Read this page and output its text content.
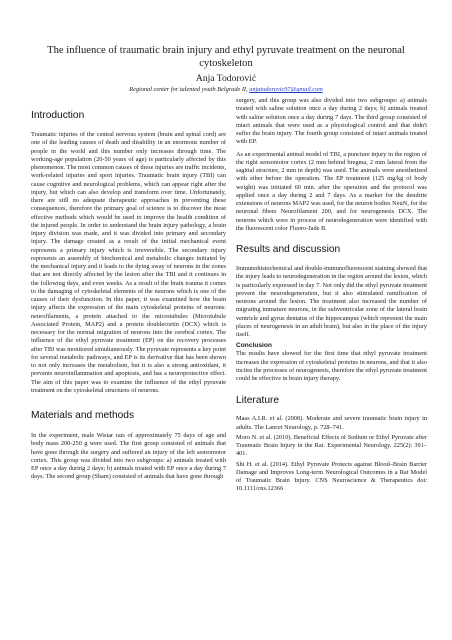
The influence of traumatic brain injury and ethyl pyruvate treatment on the neuronal cytoskeleton
Anja Todorović
Regional center for talented youth Belgrade II, anjatodorovic97@gmail.com
Introduction

Traumatic injuries of the central nervous system (brain and spinal cord) are one of the leading causes of death and disability in an enormous number of people in the world and this number only increases through time. The working-age population (20-50 years of age) is particularly affected by this phenomenon. The most common causes of these injuries are traffic incidents, work-related injuries and sport injuries. Traumatic brain injury (TBI) can cause cognitive and neurological problems, which can appear right after the injury, but which can also develop and transform over time. Unfortunately, there are still no adequate therapeutic approaches in preventing these consequences, therefore the primary goal of science is to discover the most effective methods which would be used to improve the health condition of the injured people. In order to understand the brain injury pathology, a brain injury division was made, and it was divided into primary and secondary injury. The damage created as a result of the initial mechanical event represents a primary injury which is irreversible. The secondary injury represents an assembly of biochemical and metabolic changes initiated by the mechanical injury and it leads to the dying away of neurons in the zones that are not directly affected by the lesion after the TBI and it continues in the following days, and even weeks. As a result of the brain trauma it comes to the damaging of cytoskeletal elements of the neurons which is one of the causes of their dysfunction. In this paper, it was examined how the brain injury affects the expression of the main cytoskeletal proteins of neurons: neurofilaments, a protein attached to the microtubules (Microtubule Associated Protein, MAP2) and a protein doublecortin (DCX) which is necessary for the normal migration of neurons into the cerebral cortex. The influence of the ethyl pyruvate treatment (EP) on the recovery processes after TBI was monitored simultaneously. The pyruvate represents a key point for several metabolic pathways, and EP is its derivative that has been shown to not only increases the metabolism, but it is also a strong antioxidant, it prevents neuroinflammation and apoptosis, and has a neuroprotective effect. The aim of this paper was to examine the influence of the ethyl pyruvate treatment on the cytoskeletal structures of neurons.

Materials and methods

In the experiment, male Wistar rats of approximately 75 days of age and body mass 200-250 g were used. The first group consisted of animals that have gone through the surgery and suffered an injury of the left sensomotor cortex. This group was divided into two subgroups: a) animals treated with EP once a day during 2 days; b) animals treated with EP once a day during 7 days. The second group (Sham) consisted of animals that have gone through

surgery, and this group was also divided into two subgroups: a) animals treated with saline solution once a day during 2 days; b) animals treated with saline solution once a day during 7 days. The third group consisted of intact animals that were used as a physiological control and that didn't suffer the brain injury. The fourth group consisted of intact animals treated with EP.

As an experimental animal model of TBI, a puncture injury in the region of the right sensomotor cortex (2 mm behind bregma, 2 mm lateral from the sagittal structure, 2 mm in depth) was used. The animals were anesthetized with ether before the operation. The EP treatment (125 mg/kg of body weight) was initiated 60 min. after the operation and the protocol was applied once a day during 2 and 7 days. As a marker for the dendrite extensions of neurons MAP2 was used, for the neuron bodies NeuN, for the neuronal fibers Neurofilament 200, and for neurogenesis DCX. The neurons which were in process of neurodegeneration were identified with the fluorescent color Fluoro-Jade B.

Results and discussion

Immunohistochemical and double-immunofluorescent staining showed that the injury leads to neurodegeneration in the region around the lesion, which is particularly expressed in day 7. Not only did the ethyl pyruvate treatment prevent the neurodegeneration, but it also stimulated ramification of neurons around the lesion. The treatment also increased the number of migrating immature neurons, in the subventricular zone of the lateral brain ventricle and gyrus dentatus of the hippocampus (which represent the main places of neurogenesis in an adult brain), but also in the place of the injury itself.

Conclusion

The results have showed for the first time that ethyl pyruvate treatment increases the expression of cytoskeletal proteins in neurons, and that it also incites the processes of neurogenesis, therefore the ethyl pyruvate treatment could be effective in brain injury therapy.

Literature

Maas A.I.R. et al. (2008). Moderate and severe traumatic brain injury in adults. The Lancet Neurology, p. 728–741.

Moro N. et al. (2010). Beneficial Effects of Sodium or Ethyl Pyruvate after Traumatic Brain Injury in the Rat. Experimental Neurology. 225(2): 391–401.

Shi H. et al. (2014). Ethyl Pyruvate Protects against Blood–Brain Barrier Damage and Improves Long-term Neurological Outcomes in a Rat Model of Traumatic Brain Injury. CNS Neuroscience & Therapeutics doi: 10.1111/cns.12366
